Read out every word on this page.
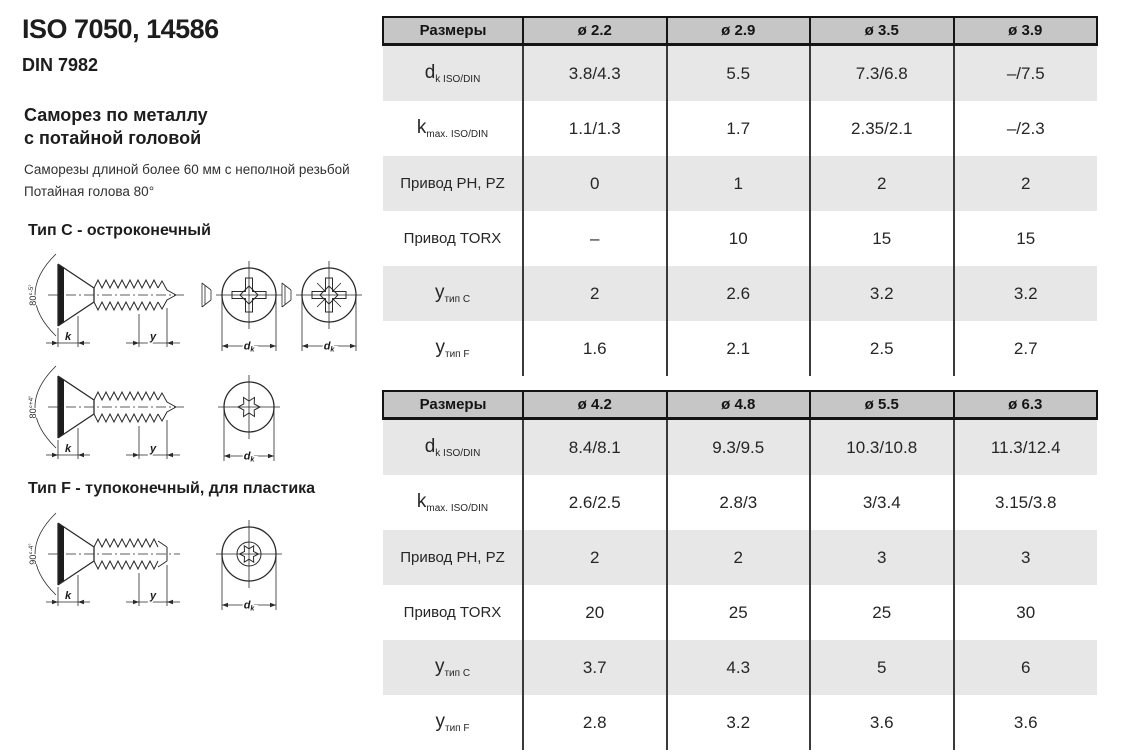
ISO 7050, 14586
DIN 7982
Саморез по металлу
с потайной головой
Саморезы длиной более 60 мм с неполной резьбой
Потайная голова 80°
Тип C - остроконечный
80°$^{-5^\circ}$
k	y
dk	dk
80°$^{+4^\circ}$
k	y
dk
Тип F - тупоконечный, для пластика
90°$^{-4^\circ}$
k	y
dk
Размеры	ø 2.2	ø 2.9	ø 3.5	ø 3.9
$d_{k ISO/DIN}$	3.8/4.3	5.5	7.3/6.8	–/7.5
$k_{max. ISO/DIN}$	1.1/1.3	1.7	2.35/2.1	–/2.3
Привод PH, PZ	0	1	2	2
Привод TORX	–	10	15	15
$y_{тип C}$	2	2.6	3.2	3.2
$y_{тип F}$	1.6	2.1	2.5	2.7
Размеры	ø 4.2	ø 4.8	ø 5.5	ø 6.3
$d_{k ISO/DIN}$	8.4/8.1	9.3/9.5	10.3/10.8	11.3/12.4
$k_{max. ISO/DIN}$	2.6/2.5	2.8/3	3/3.4	3.15/3.8
Привод PH, PZ	2	2	3	3
Привод TORX	20	25	25	30
$y_{тип C}$	3.7	4.3	5	6
$y_{тип F}$	2.8	3.2	3.6	3.6
